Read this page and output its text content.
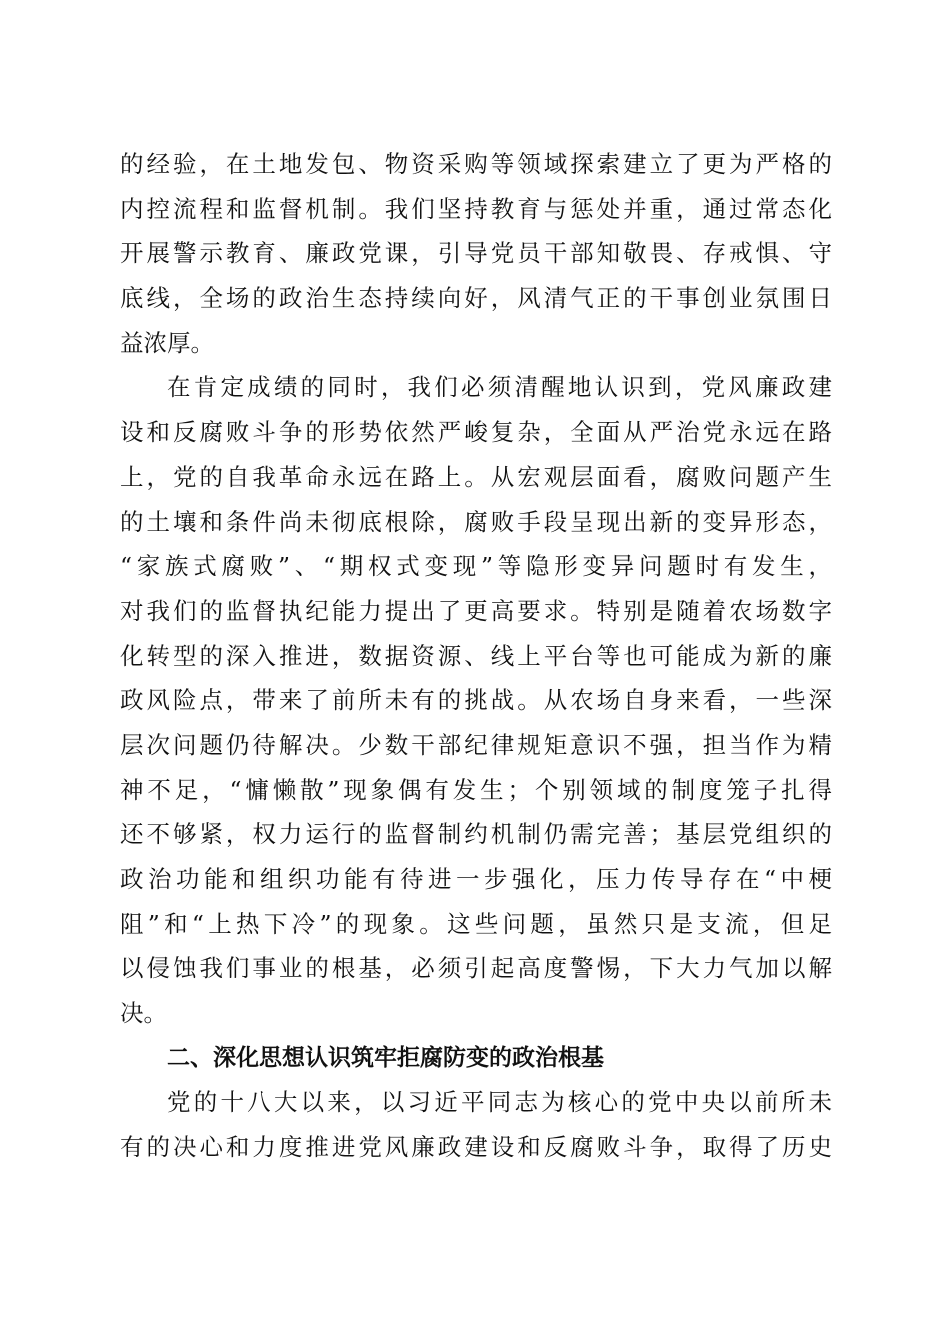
的经验，在土地发包、物资采购等领域探索建立了更为严格的
内控流程和监督机制。我们坚持教育与惩处并重，通过常态化
开展警示教育、廉政党课，引导党员干部知敬畏、存戒惧、守
底线，全场的政治生态持续向好，风清气正的干事创业氛围日
益浓厚。
在肯定成绩的同时，我们必须清醒地认识到，党风廉政建
设和反腐败斗争的形势依然严峻复杂，全面从严治党永远在路
上，党的自我革命永远在路上。从宏观层面看，腐败问题产生
的土壤和条件尚未彻底根除，腐败手段呈现出新的变异形态，
“家族式腐败”、“期权式变现”等隐形变异问题时有发生，
对我们的监督执纪能力提出了更高要求。特别是随着农场数字
化转型的深入推进，数据资源、线上平台等也可能成为新的廉
政风险点，带来了前所未有的挑战。从农场自身来看，一些深
层次问题仍待解决。少数干部纪律规矩意识不强，担当作为精
神不足，“慵懒散”现象偶有发生；个别领域的制度笼子扎得
还不够紧，权力运行的监督制约机制仍需完善；基层党组织的
政治功能和组织功能有待进一步强化，压力传导存在“中梗
阻”和“上热下冷”的现象。这些问题，虽然只是支流，但足
以侵蚀我们事业的根基，必须引起高度警惕，下大力气加以解
决。
二、深化思想认识筑牢拒腐防变的政治根基
党的十八大以来，以习近平同志为核心的党中央以前所未
有的决心和力度推进党风廉政建设和反腐败斗争，取得了历史
